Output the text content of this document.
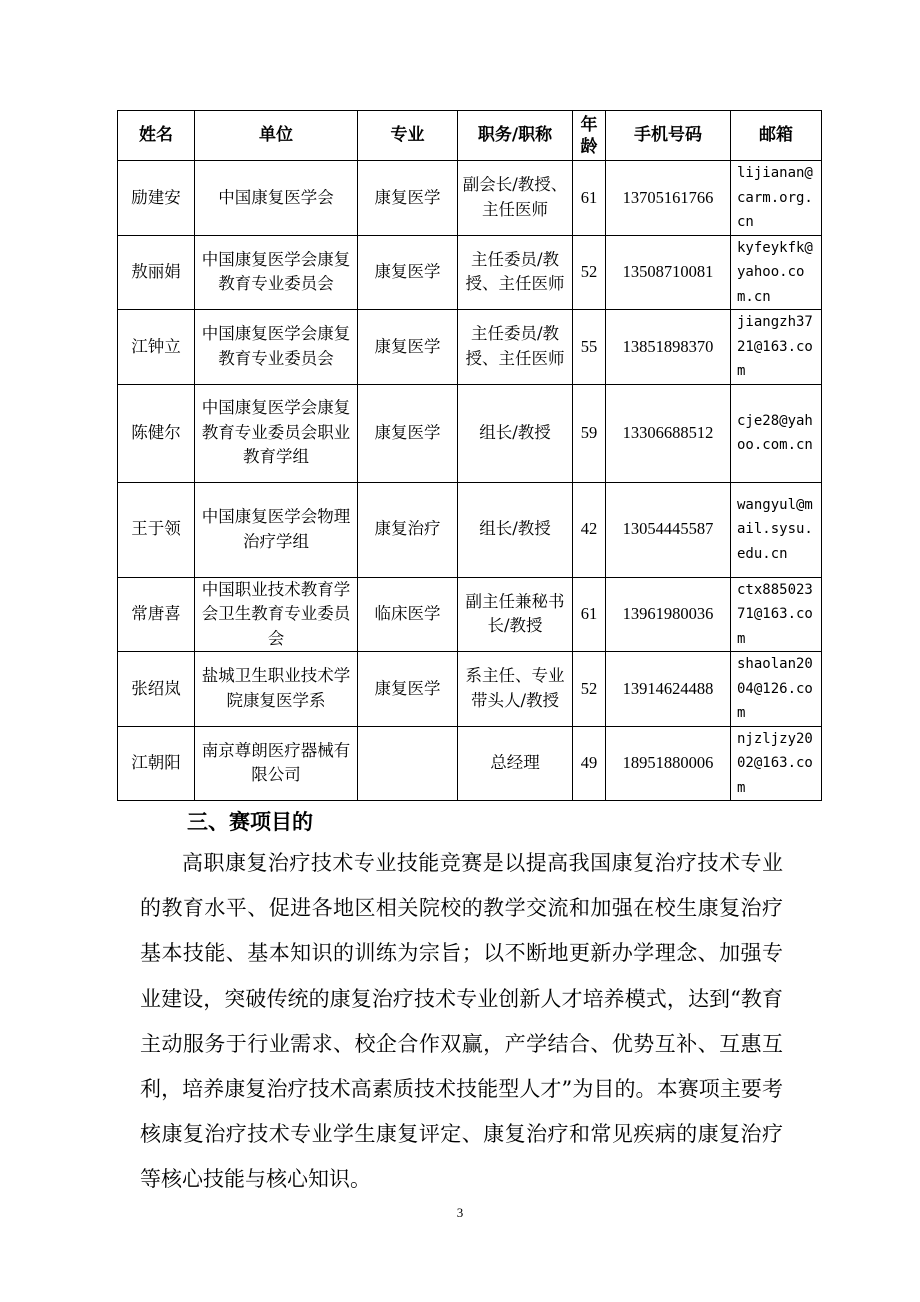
姓名	单位	专业	职务/职称	年龄	手机号码	邮箱
励建安	中国康复医学会	康复医学	副会长/教授、主任医师	61	13705161766	lijianan@carm.org.cn
敖丽娟	中国康复医学会康复教育专业委员会	康复医学	主任委员/教授、主任医师	52	13508710081	kyfeykfk@yahoo.com.cn
江钟立	中国康复医学会康复教育专业委员会	康复医学	主任委员/教授、主任医师	55	13851898370	jiangzh3721@163.com
陈健尔	中国康复医学会康复教育专业委员会职业教育学组	康复医学	组长/教授	59	13306688512	cje28@yahoo.com.cn
王于领	中国康复医学会物理治疗学组	康复治疗	组长/教授	42	13054445587	wangyul@mail.sysu.edu.cn
常唐喜	中国职业技术教育学会卫生教育专业委员会	临床医学	副主任兼秘书长/教授	61	13961980036	ctx88502371@163.com
张绍岚	盐城卫生职业技术学院康复医学系	康复医学	系主任、专业带头人/教授	52	13914624488	shaolan2004@126.com
江朝阳	南京尊朗医疗器械有限公司		总经理	49	18951880006	njzljzy2002@163.com
三、赛项目的

高职康复治疗技术专业技能竞赛是以提高我国康复治疗技术专业的教育水平、促进各地区相关院校的教学交流和加强在校生康复治疗基本技能、基本知识的训练为宗旨；以不断地更新办学理念、加强专业建设，突破传统的康复治疗技术专业创新人才培养模式，达到“教育主动服务于行业需求、校企合作双赢，产学结合、优势互补、互惠互利，培养康复治疗技术高素质技术技能型人才”为目的。本赛项主要考核康复治疗技术专业学生康复评定、康复治疗和常见疾病的康复治疗等核心技能与核心知识。

3
